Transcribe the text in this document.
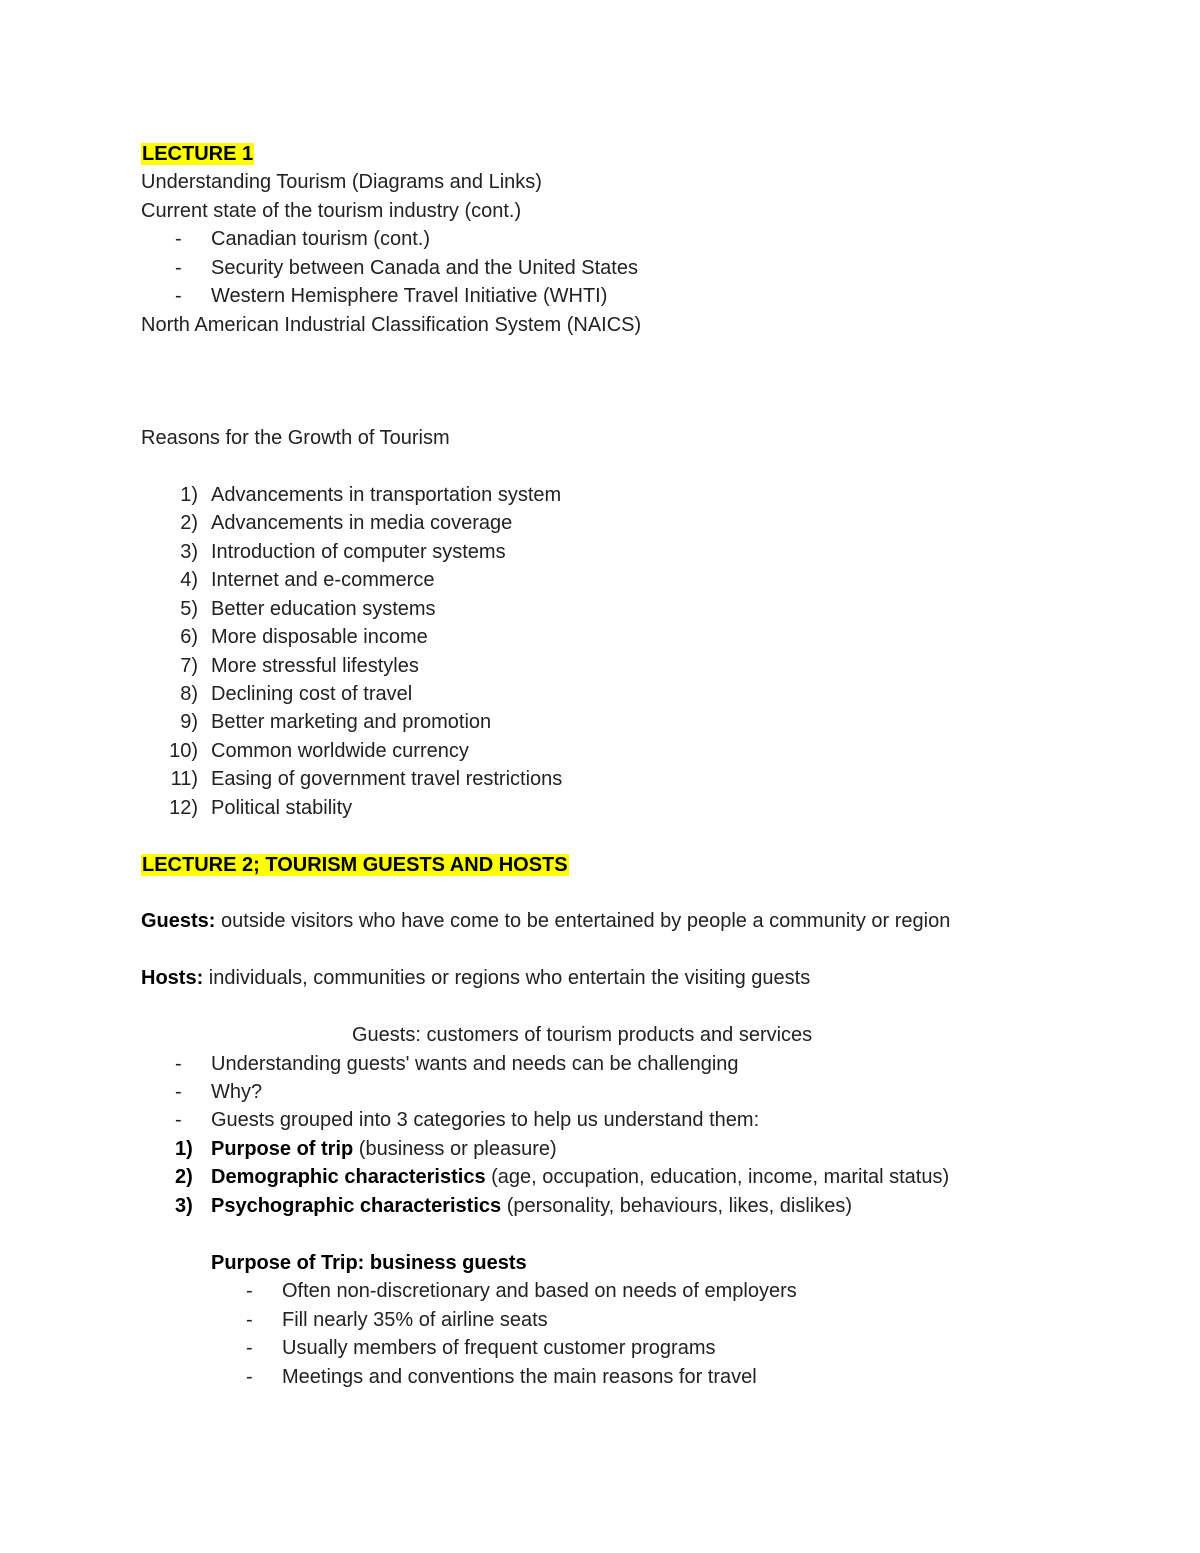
LECTURE 1
Understanding Tourism (Diagrams and Links)
Current state of the tourism industry (cont.)
- Canadian tourism (cont.)
- Security between Canada and the United States
- Western Hemisphere Travel Initiative (WHTI)
North American Industrial Classification System (NAICS)
Reasons for the Growth of Tourism
1) Advancements in transportation system
2) Advancements in media coverage
3) Introduction of computer systems
4) Internet and e-commerce
5) Better education systems
6) More disposable income
7) More stressful lifestyles
8) Declining cost of travel
9) Better marketing and promotion
10) Common worldwide currency
11) Easing of government travel restrictions
12) Political stability
LECTURE 2; TOURISM GUESTS AND HOSTS
Guests: outside visitors who have come to be entertained by people a community or region
Hosts: individuals, communities or regions who entertain the visiting guests
Guests: customers of tourism products and services
- Understanding guests' wants and needs can be challenging
- Why?
- Guests grouped into 3 categories to help us understand them:
1) Purpose of trip (business or pleasure)
2) Demographic characteristics (age, occupation, education, income, marital status)
3) Psychographic characteristics (personality, behaviours, likes, dislikes)
Purpose of Trip: business guests
- Often non-discretionary and based on needs of employers
- Fill nearly 35% of airline seats
- Usually members of frequent customer programs
- Meetings and conventions the main reasons for travel
